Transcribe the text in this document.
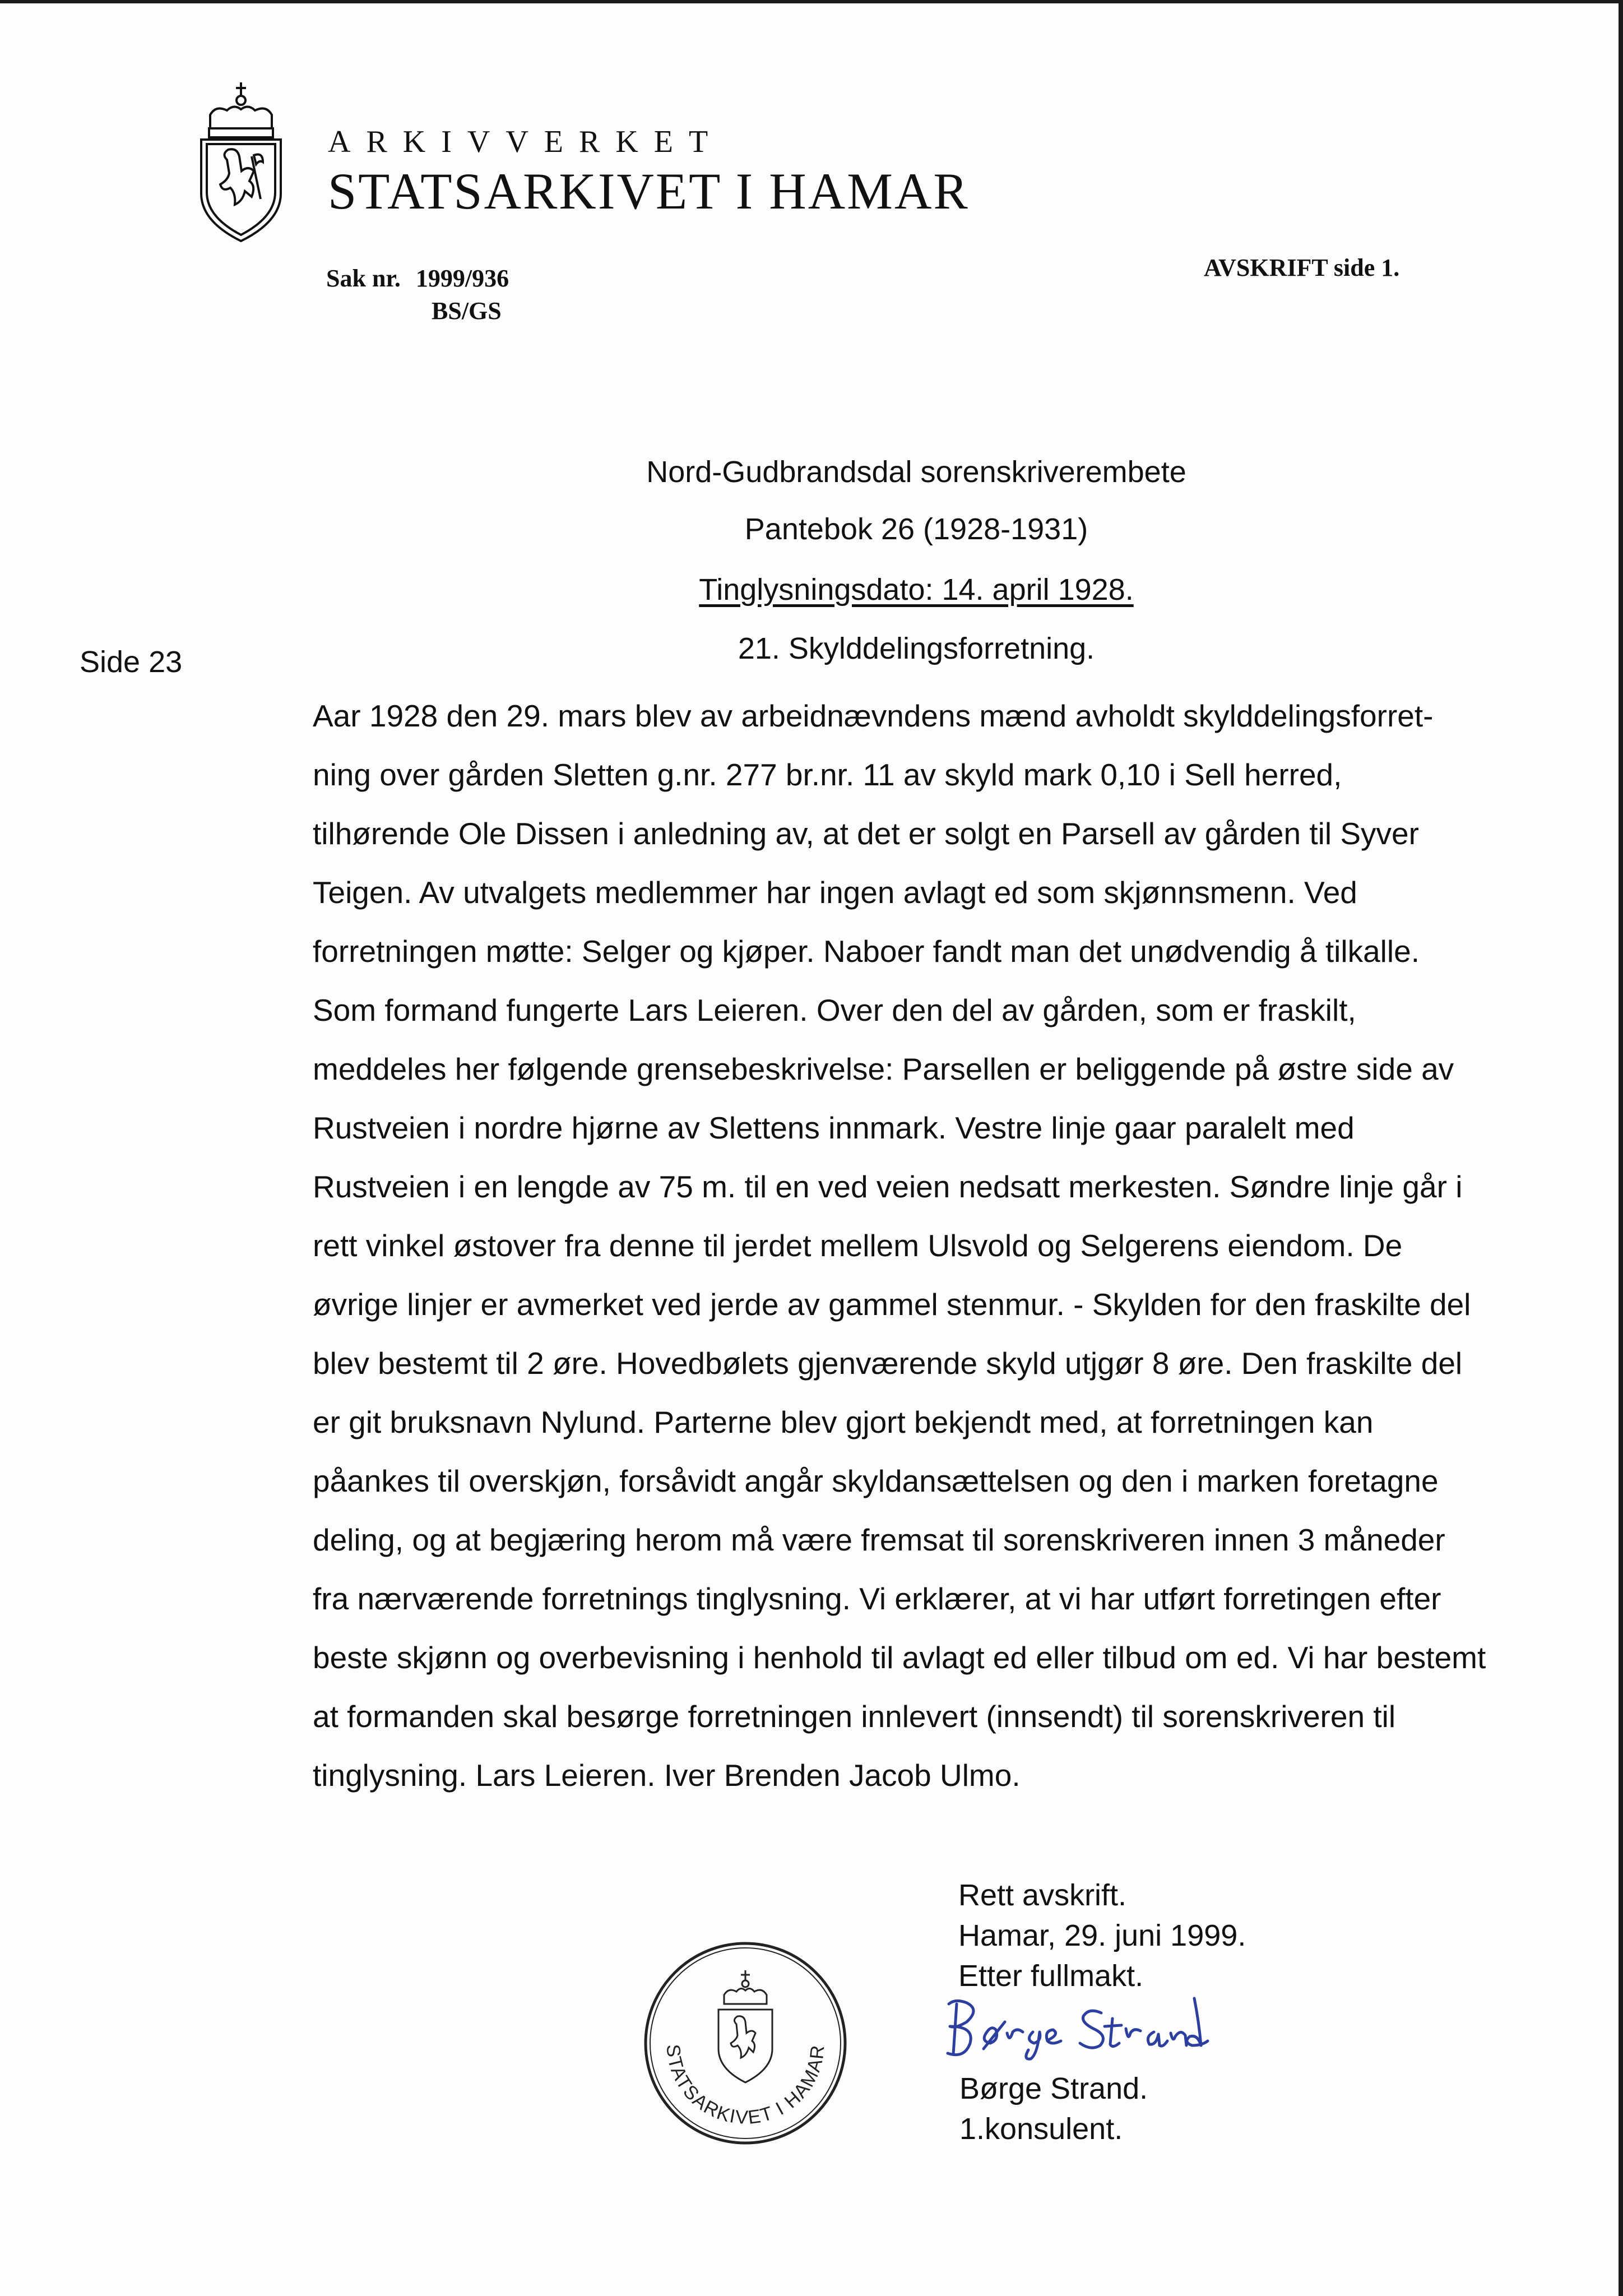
ARKIVVERKET
STATSARKIVET I HAMAR
Sak nr. 1999/936
BS/GS
AVSKRIFT side 1.
Nord-Gudbrandsdal sorenskriverembete
Pantebok 26 (1928-1931)
Tinglysningsdato: 14. april 1928.
21. Skylddelingsforretning.
Side 23
Aar 1928 den 29. mars blev av arbeidnævndens mænd avholdt skylddelingsforret-
ning over gården Sletten g.nr. 277 br.nr. 11 av skyld mark 0,10 i Sell herred,
tilhørende Ole Dissen i anledning av, at det er solgt en Parsell av gården til Syver
Teigen. Av utvalgets medlemmer har ingen avlagt ed som skjønnsmenn. Ved
forretningen møtte: Selger og kjøper. Naboer fandt man det unødvendig å tilkalle.
Som formand fungerte Lars Leieren. Over den del av gården, som er fraskilt,
meddeles her følgende grensebeskrivelse: Parsellen er beliggende på østre side av
Rustveien i nordre hjørne av Slettens innmark. Vestre linje gaar paralelt med
Rustveien i en lengde av 75 m. til en ved veien nedsatt merkesten. Søndre linje går i
rett vinkel østover fra denne til jerdet mellem Ulsvold og Selgerens eiendom. De
øvrige linjer er avmerket ved jerde av gammel stenmur. - Skylden for den fraskilte del
blev bestemt til 2 øre. Hovedbølets gjenværende skyld utjgør 8 øre. Den fraskilte del
er git bruksnavn Nylund. Parterne blev gjort bekjendt med, at forretningen kan
påankes til overskjøn, forsåvidt angår skyldansættelsen og den i marken foretagne
deling, og at begjæring herom må være fremsat til sorenskriveren innen 3 måneder
fra nærværende forretnings tinglysning. Vi erklærer, at vi har utført forretingen efter
beste skjønn og overbevisning i henhold til avlagt ed eller tilbud om ed. Vi har bestemt
at formanden skal besørge forretningen innlevert (innsendt) til sorenskriveren til
tinglysning. Lars Leieren. Iver Brenden Jacob Ulmo.
Rett avskrift.
Hamar, 29. juni 1999.
Etter fullmakt.
Børge Strand.
1.konsulent.
STATSARKIVET I HAMAR
